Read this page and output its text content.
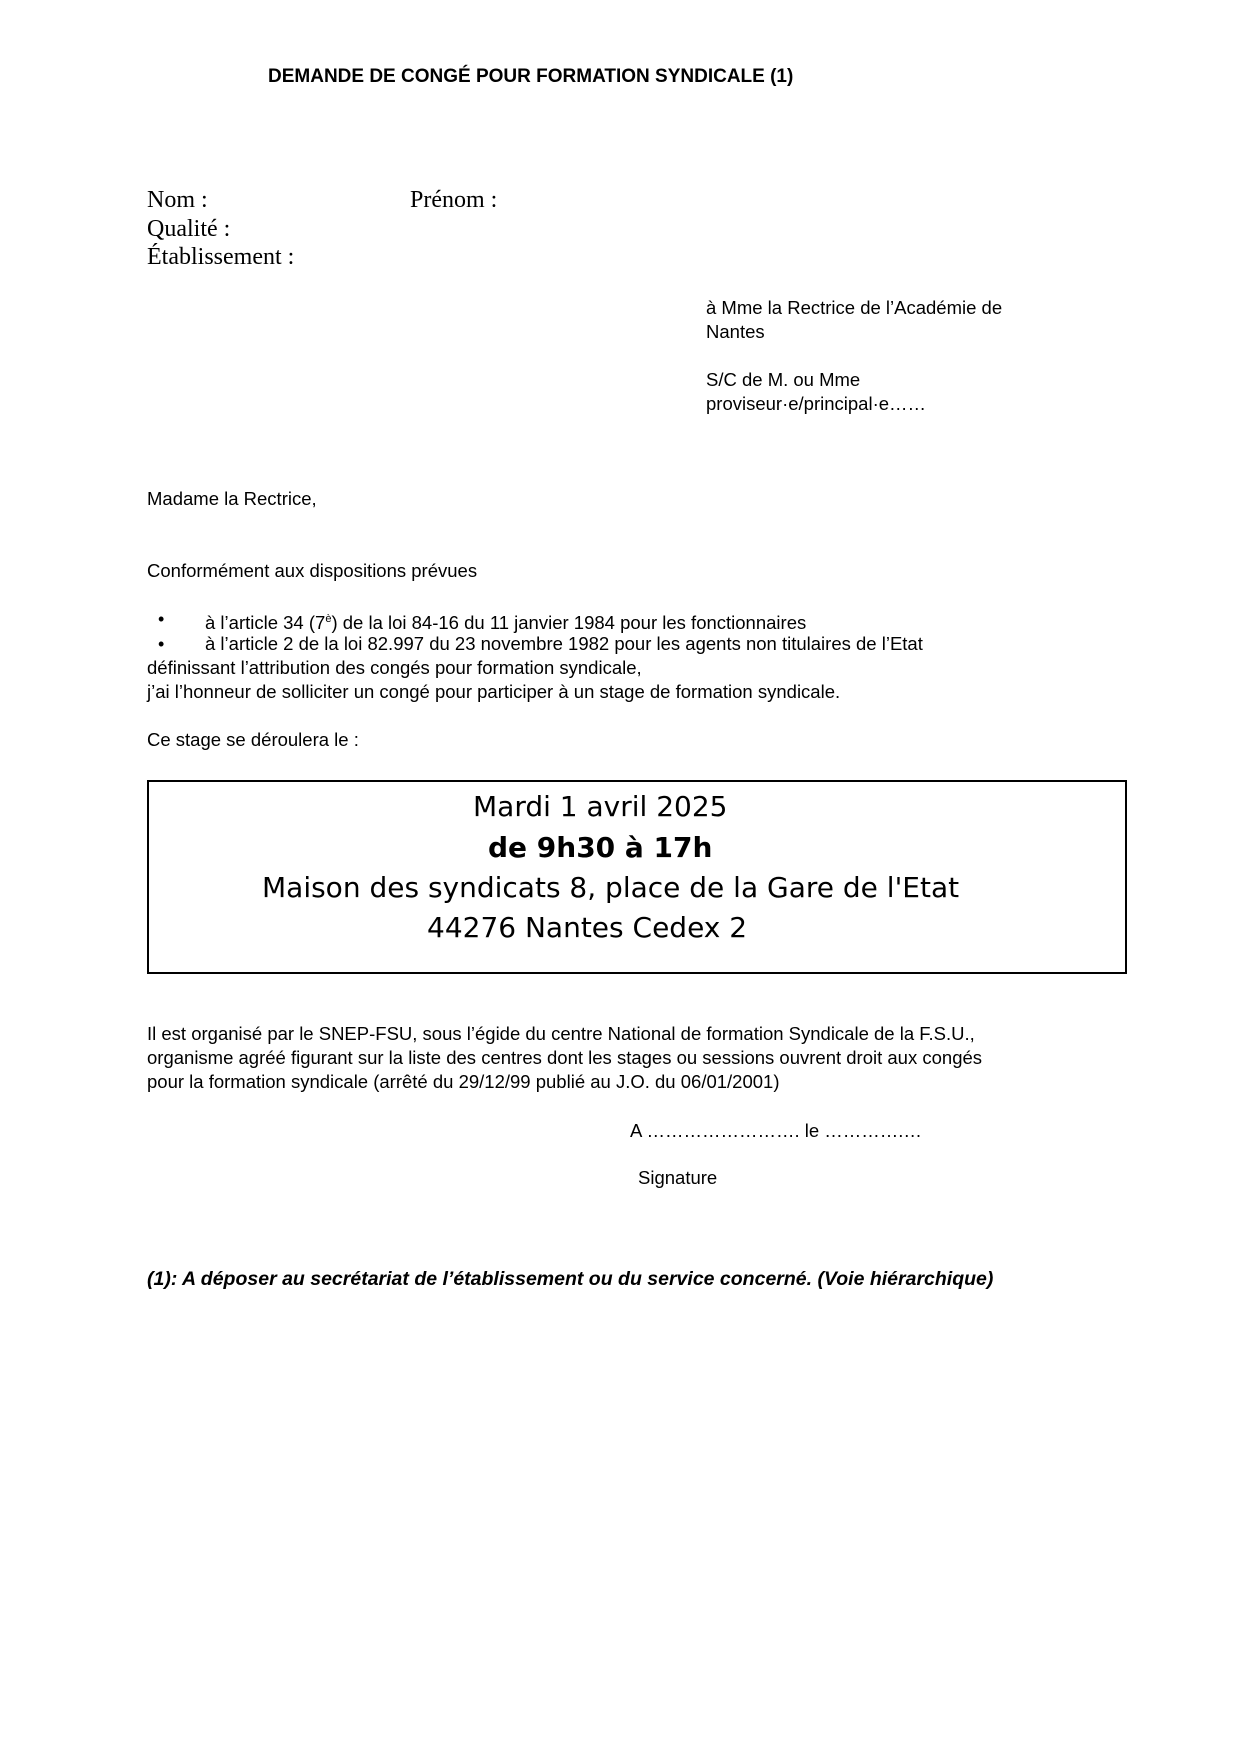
DEMANDE DE CONGÉ POUR FORMATION SYNDICALE (1)
Nom :	Prénom :
Qualité :
Établissement :
à Mme la Rectrice de l’Académie de
Nantes
S/C de M. ou Mme
proviseur·e/principal·e……
Madame la Rectrice,
Conformément aux dispositions prévues
• à l’article 34 $(7^è)$ de la loi 84-16 du 11 janvier 1984 pour les fonctionnaires
• à l’article 2 de la loi 82.997 du 23 novembre 1982 pour les agents non titulaires de l’Etat
définissant l’attribution des congés pour formation syndicale,
j’ai l’honneur de solliciter un congé pour participer à un stage de formation syndicale.
Ce stage se déroulera le :
Mardi 1 avril 2025
de 9h30 à 17h
Maison des syndicats 8, place de la Gare de l'Etat
44276 Nantes Cedex 2
Il est organisé par le SNEP-FSU, sous l’égide du centre National de formation Syndicale de la F.S.U.,
organisme agréé figurant sur la liste des centres dont les stages ou sessions ouvrent droit aux congés
pour la formation syndicale (arrêté du 29/12/99 publié au J.O. du 06/01/2001)
A ……………………. le ………….…
Signature
(1): A déposer au secrétariat de l’établissement ou du service concerné. (Voie hiérarchique)
